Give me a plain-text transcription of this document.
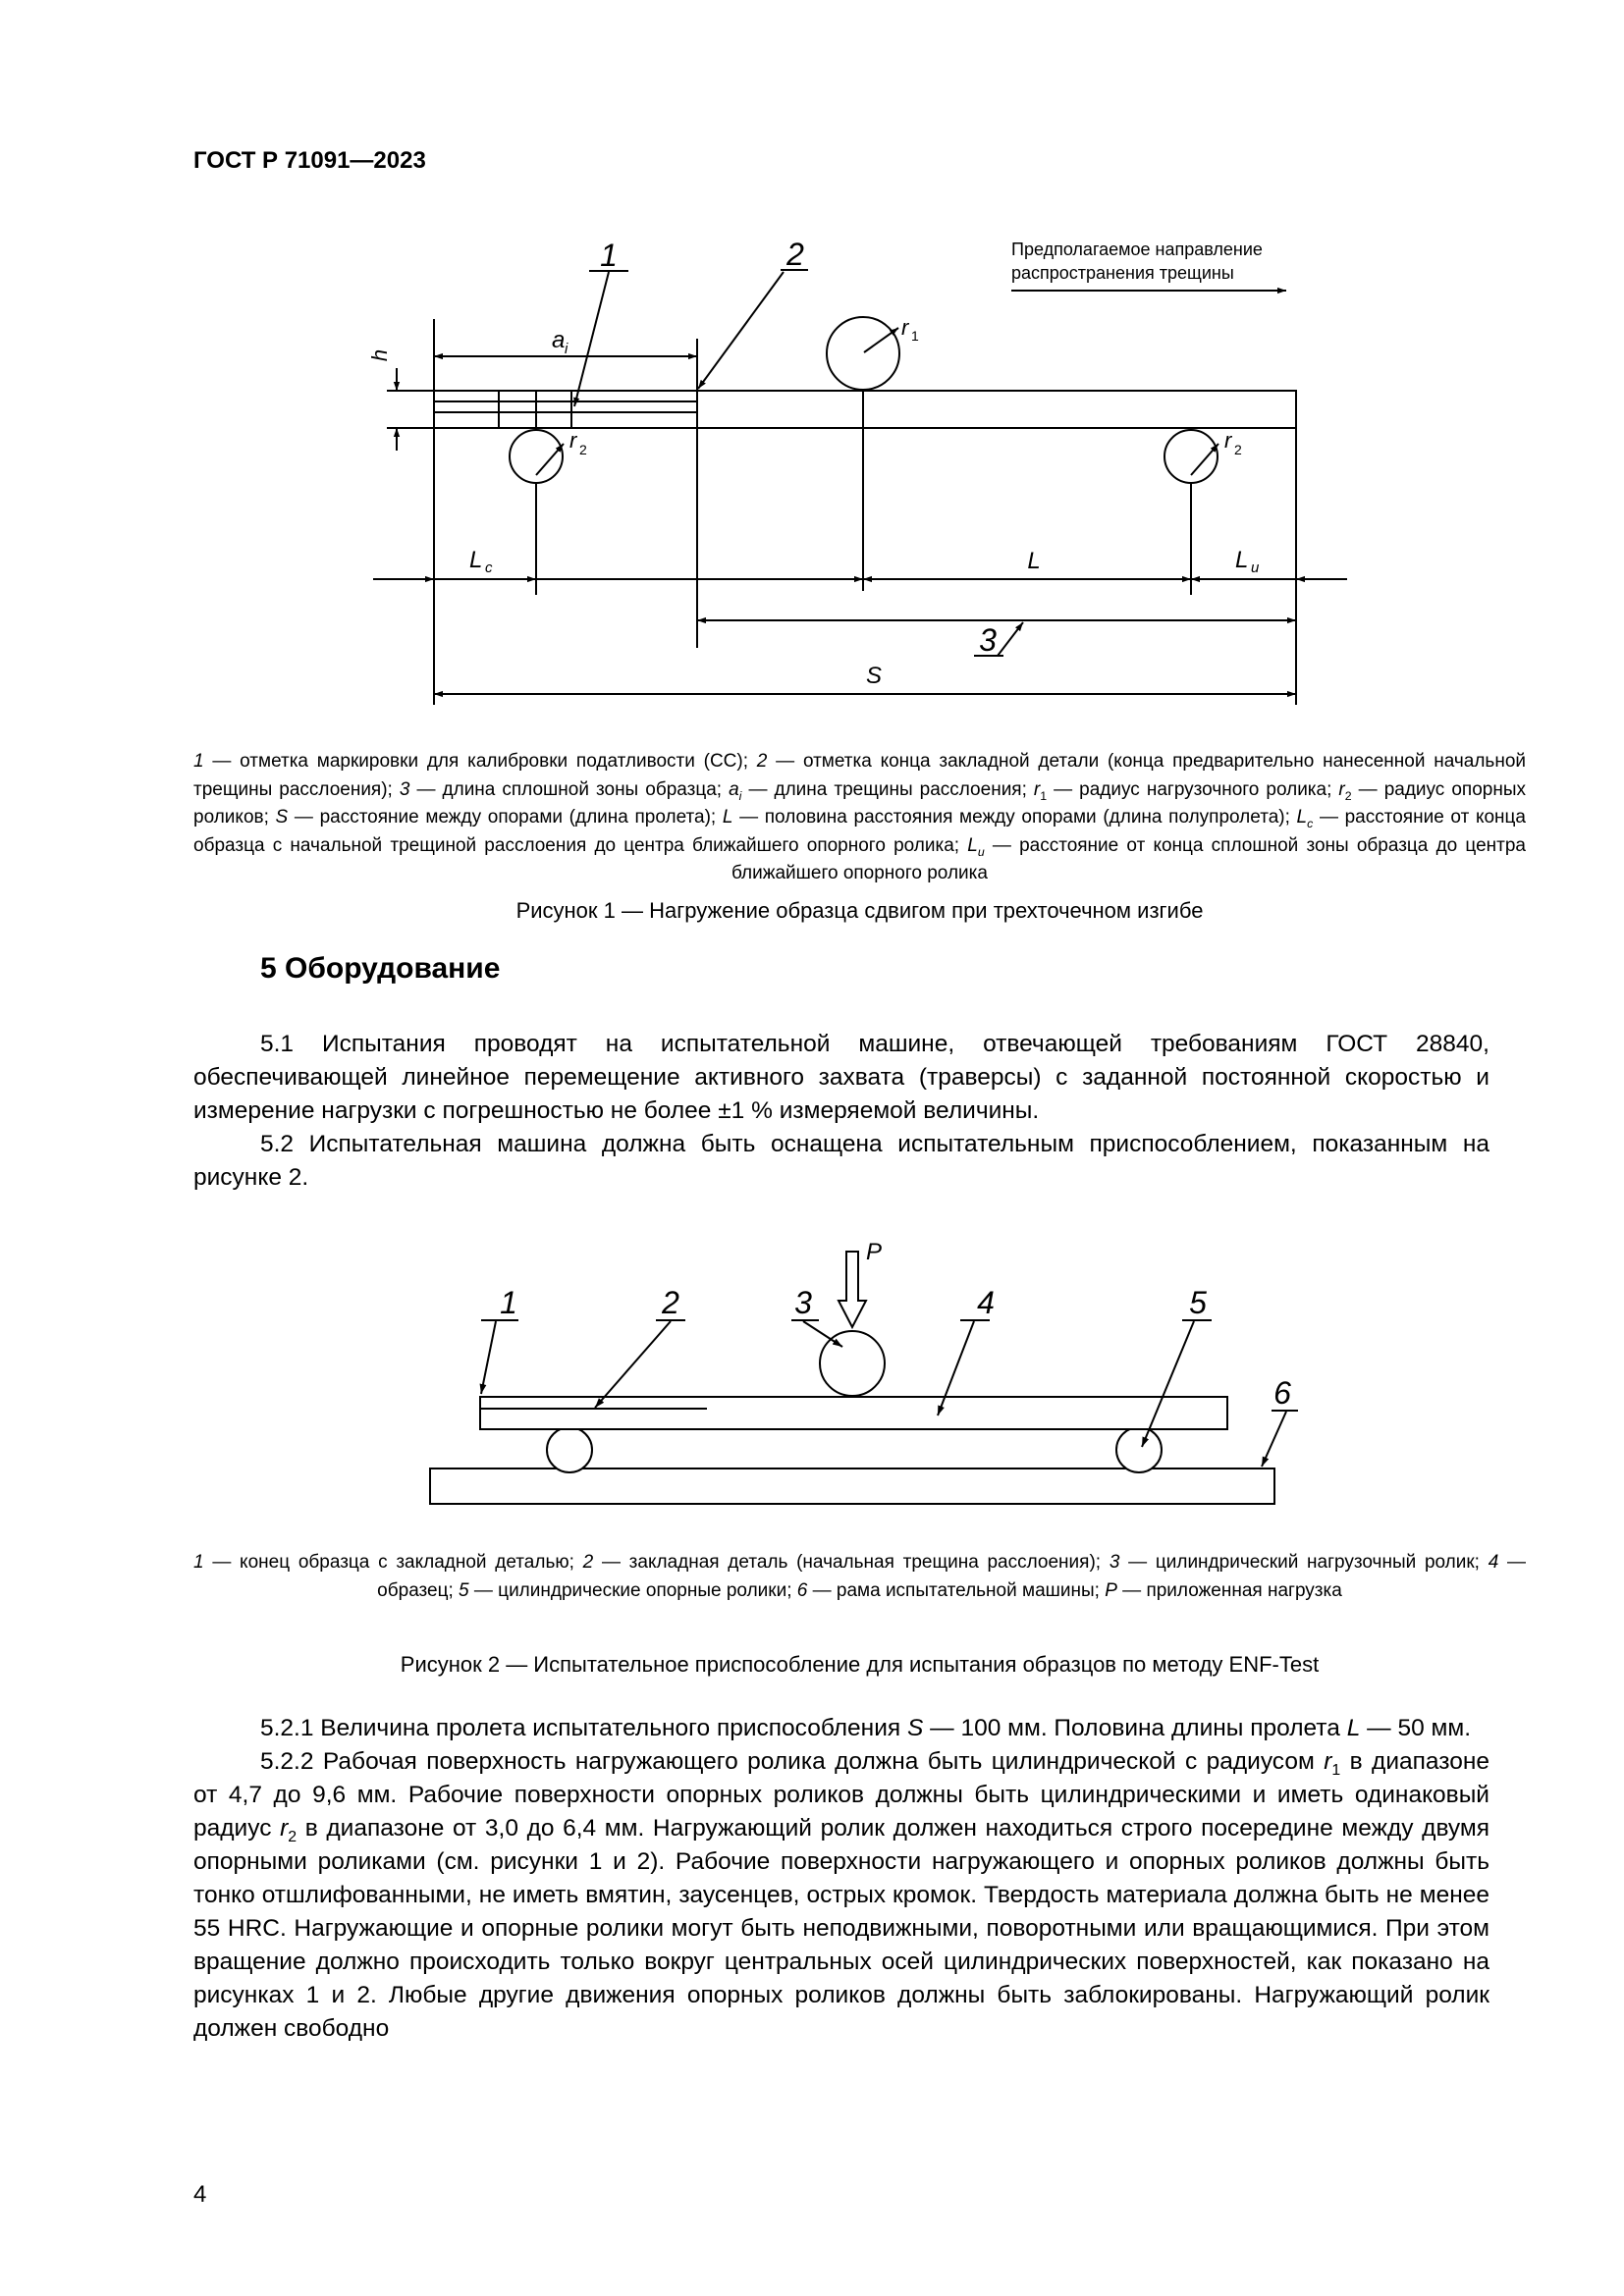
ГОСТ Р 71091—2023
1	2
3
Предполагаемое направление
распространения трещины
h
a i
r 1
r 2	r 2
L c	L	L u
S
1 — отметка маркировки для калибровки податливости (СС); 2 — отметка конца закладной детали (конца предварительно нанесенной начальной трещины расслоения); 3 — длина сплошной зоны образца; $a_i$ — длина трещины расслоения; $r_1$ — радиус нагрузочного ролика; $r_2$ — радиус опорных роликов; S — расстояние между опорами (длина пролета); L — половина расстояния между опорами (длина полупролета); $L_c$ — расстояние от конца образца с начальной трещиной расслоения до центра ближайшего опорного ролика; $L_u$ — расстояние от конца сплошной зоны образца до центра ближайшего опорного ролика
Рисунок 1 — Нагружение образца сдвигом при трехточечном изгибе
5 Оборудование

5.1 Испытания проводят на испытательной машине, отвечающей требованиям ГОСТ 28840, обеспечивающей линейное перемещение активного захвата (траверсы) с заданной постоянной скоростью и измерение нагрузки с погрешностью не более ±1 % измеряемой величины.

5.2 Испытательная машина должна быть оснащена испытательным приспособлением, показанным на рисунке 2.

1	2	3	4	5
6
P
1 — конец образца с закладной деталью; 2 — закладная деталь (начальная трещина расслоения); 3 — цилиндрический нагрузочный ролик; 4 — образец; 5 — цилиндрические опорные ролики; 6 — рама испытательной машины; P — приложенная нагрузка
Рисунок 2 — Испытательное приспособление для испытания образцов по методу ENF-Test

5.2.1 Величина пролета испытательного приспособления S — 100 мм. Половина длины пролета L — 50 мм.

5.2.2 Рабочая поверхность нагружающего ролика должна быть цилиндрической с радиусом $r_1$ в диапазоне от 4,7 до 9,6 мм. Рабочие поверхности опорных роликов должны быть цилиндрическими и иметь одинаковый радиус $r_2$ в диапазоне от 3,0 до 6,4 мм. Нагружающий ролик должен находиться строго посередине между двумя опорными роликами (см. рисунки 1 и 2). Рабочие поверхности нагружающего и опорных роликов должны быть тонко отшлифованными, не иметь вмятин, заусенцев, острых кромок. Твердость материала должна быть не менее 55 HRC. Нагружающие и опорные ролики могут быть неподвижными, поворотными или вращающимися. При этом вращение должно происходить только вокруг центральных осей цилиндрических поверхностей, как показано на рисунках 1 и 2. Любые другие движения опорных роликов должны быть заблокированы. Нагружающий ролик должен свободно

4
